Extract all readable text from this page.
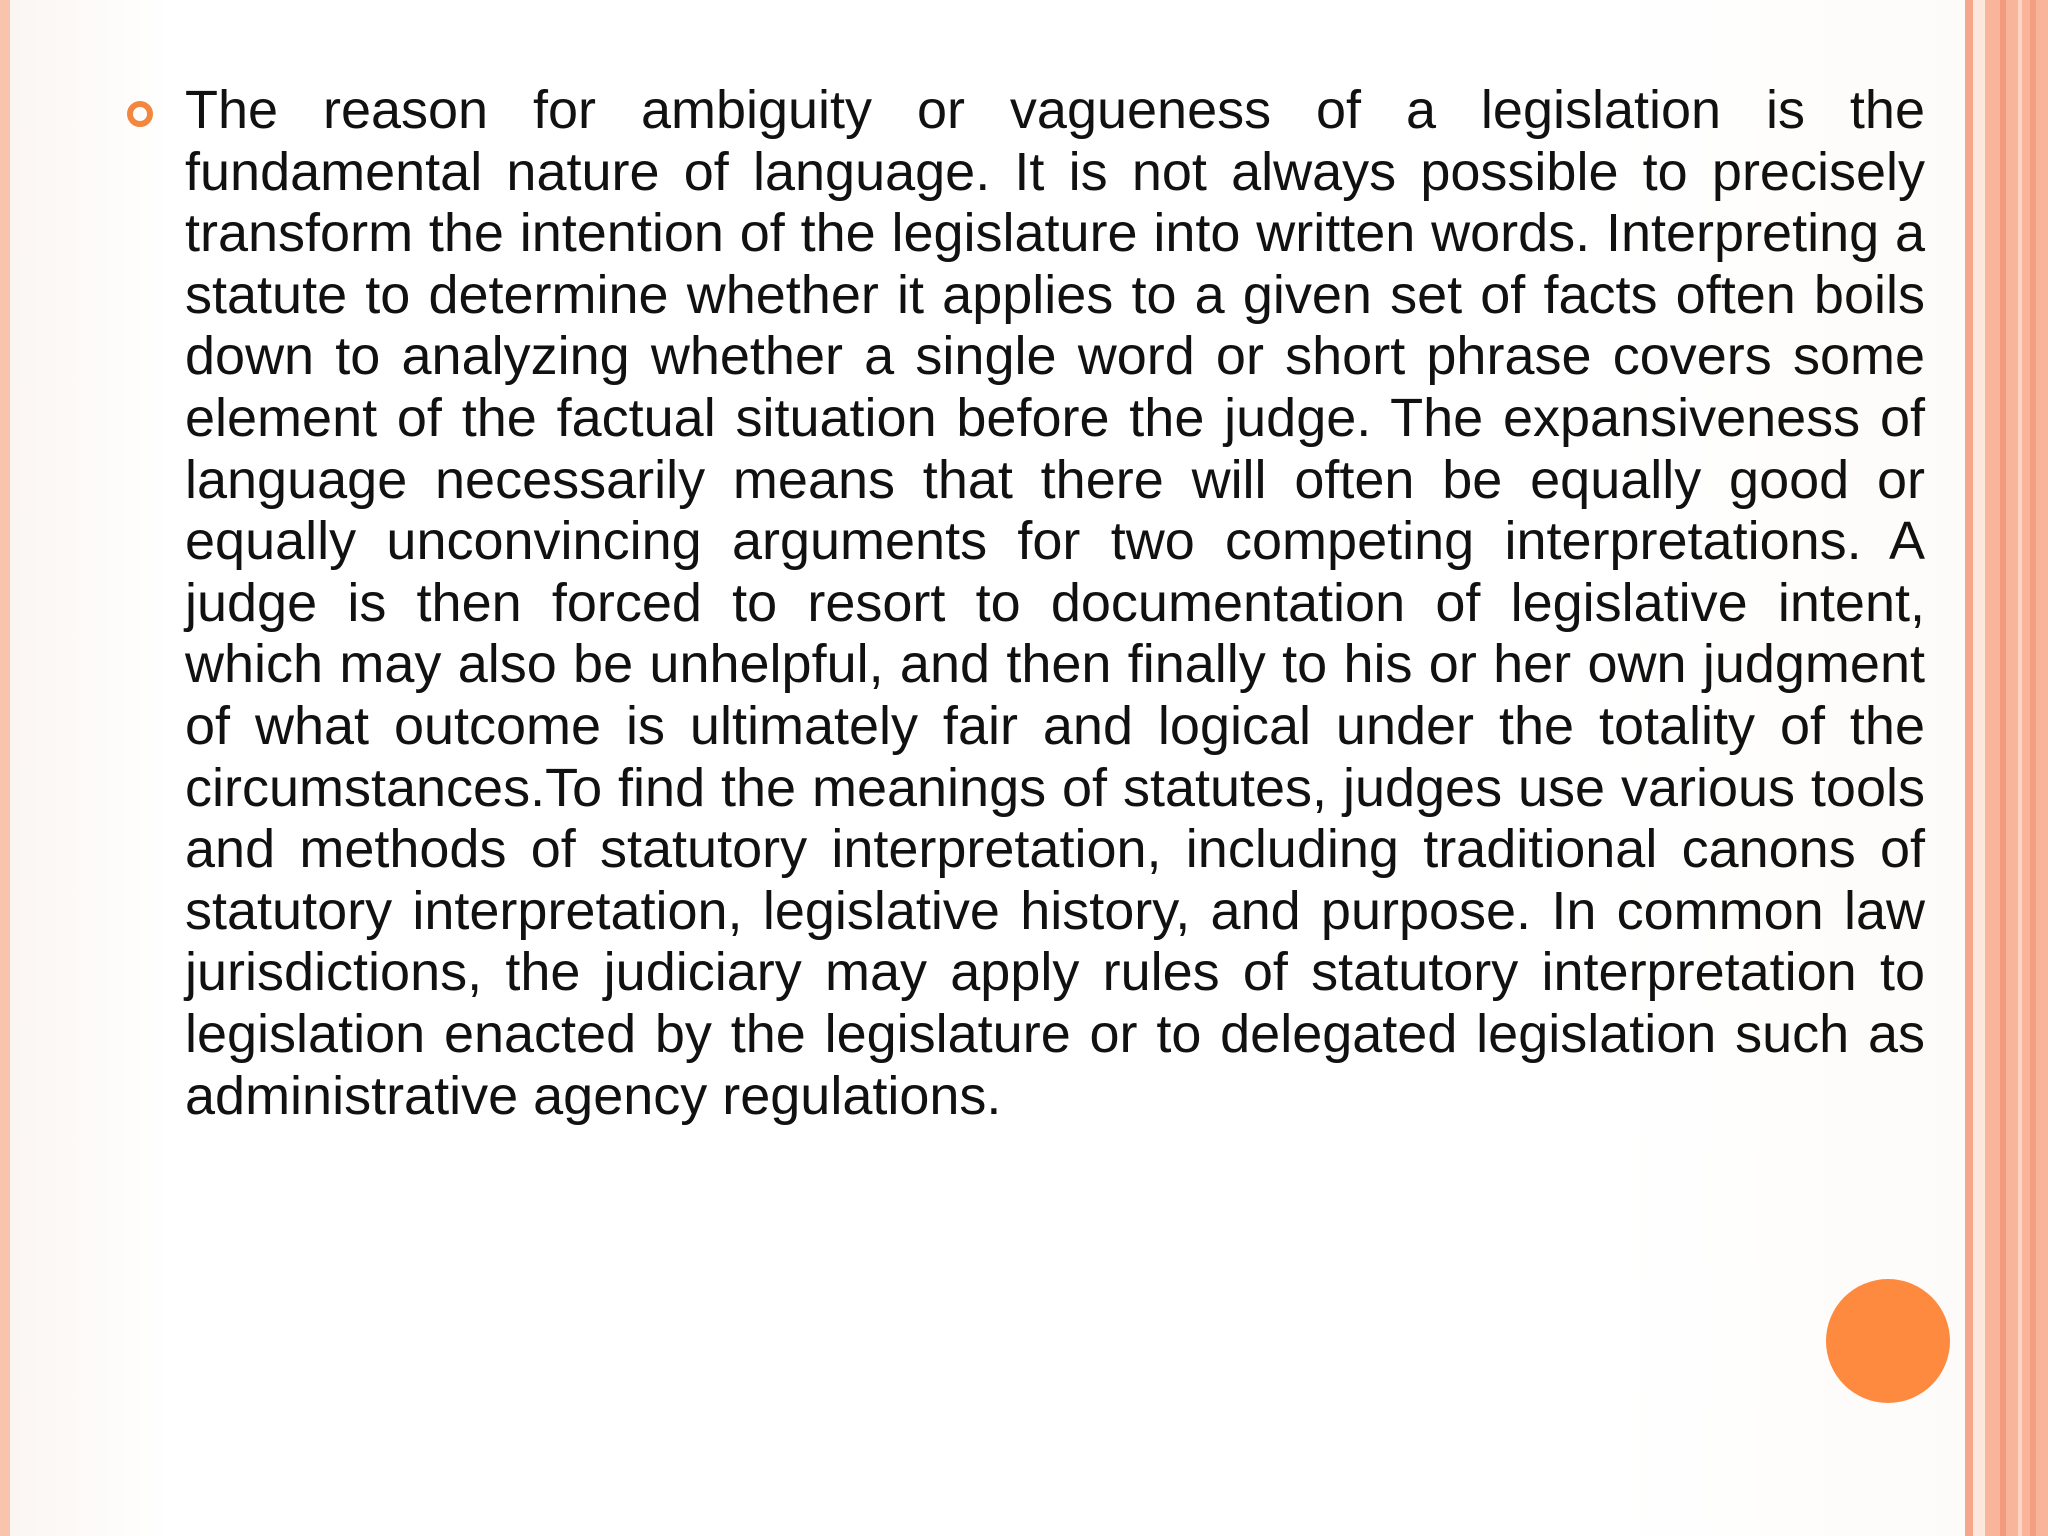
The reason for ambiguity or vagueness of a legislation is the fundamental nature of language. It is not always possible to precisely transform the intention of the legislature into written words. Interpreting a statute to determine whether it applies to a given set of facts often boils down to analyzing whether a single word or short phrase covers some element of the factual situation before the judge. The expansiveness of language necessarily means that there will often be equally good or equally unconvincing arguments for two competing interpretations. A judge is then forced to resort to documentation of legislative intent, which may also be unhelpful, and then finally to his or her own judgment of what outcome is ultimately fair and logical under the totality of the circumstances.To find the meanings of statutes, judges use various tools and methods of statutory interpretation, including traditional canons of statutory interpretation, legislative history, and purpose. In common law jurisdictions, the judiciary may apply rules of statutory interpretation to legislation enacted by the legislature or to delegated legislation such as administrative agency regulations.
